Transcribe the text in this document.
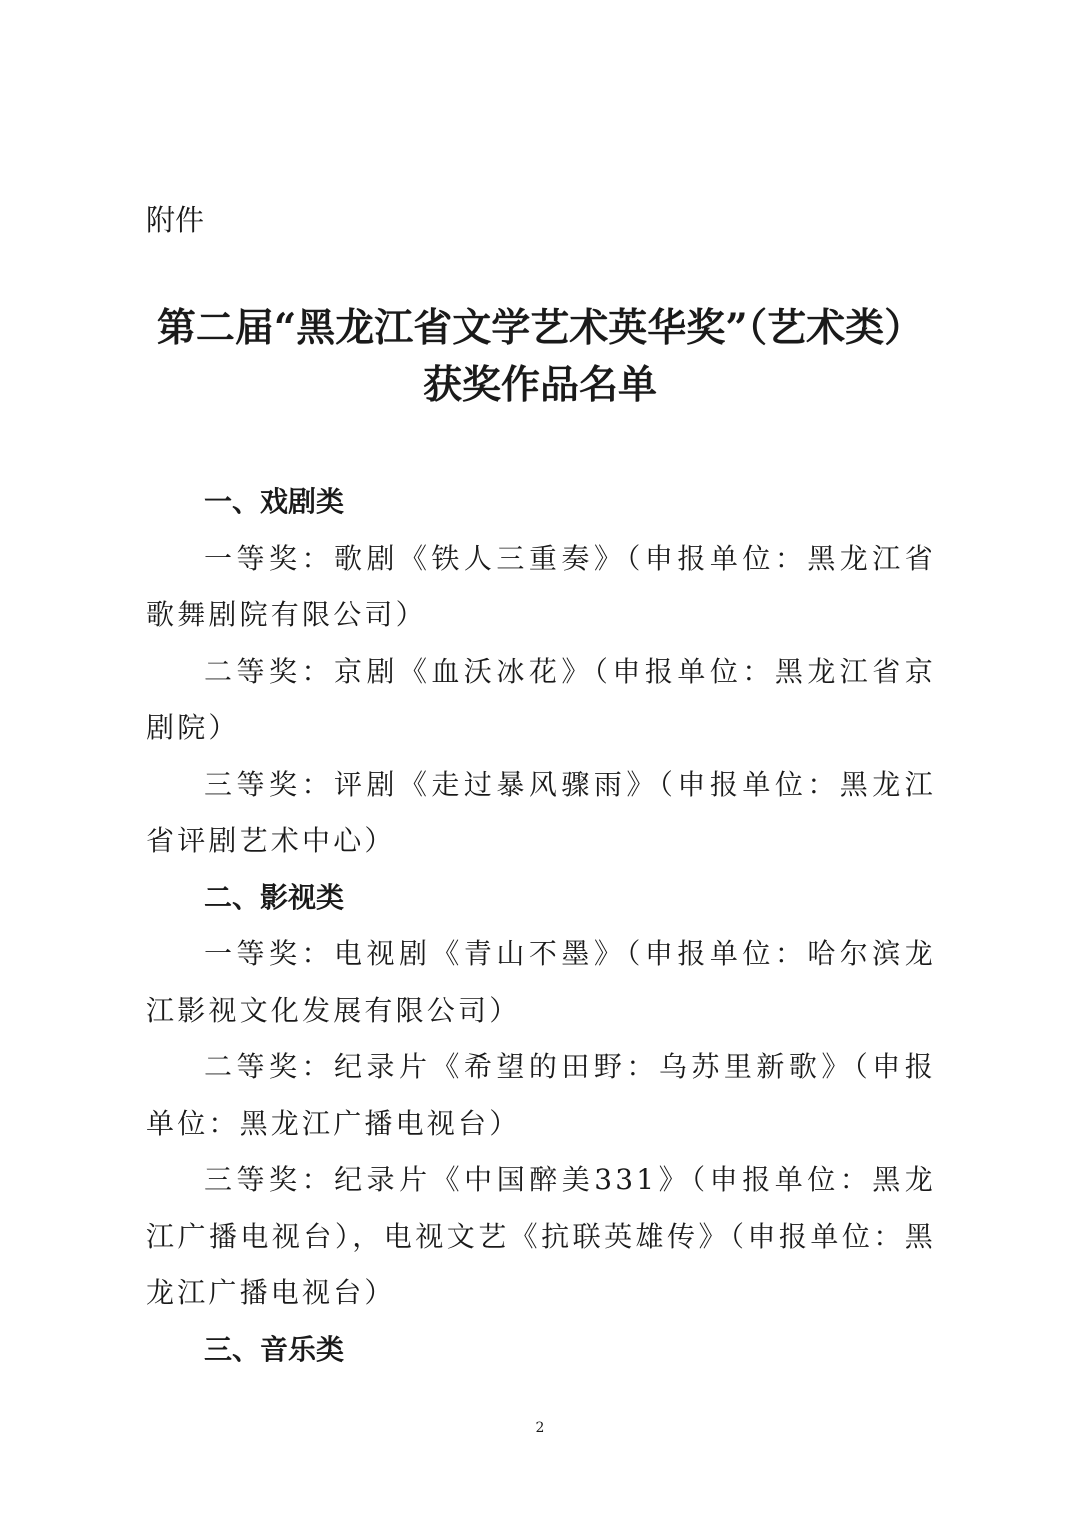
附件

第二届“黑龙江省文学艺术英华奖”（艺术类）
获奖作品名单

一、戏剧类

一等奖：歌剧《铁人三重奏》（申报单位：黑龙江省歌舞剧院有限公司）

二等奖：京剧《血沃冰花》（申报单位：黑龙江省京剧院）

三等奖：评剧《走过暴风骤雨》（申报单位：黑龙江省评剧艺术中心）

二、影视类

一等奖：电视剧《青山不墨》（申报单位：哈尔滨龙江影视文化发展有限公司）

二等奖：纪录片《希望的田野：乌苏里新歌》（申报单位：黑龙江广播电视台）

三等奖：纪录片《中国醉美331》（申报单位：黑龙江广播电视台），电视文艺《抗联英雄传》（申报单位：黑龙江广播电视台）

三、音乐类

2
